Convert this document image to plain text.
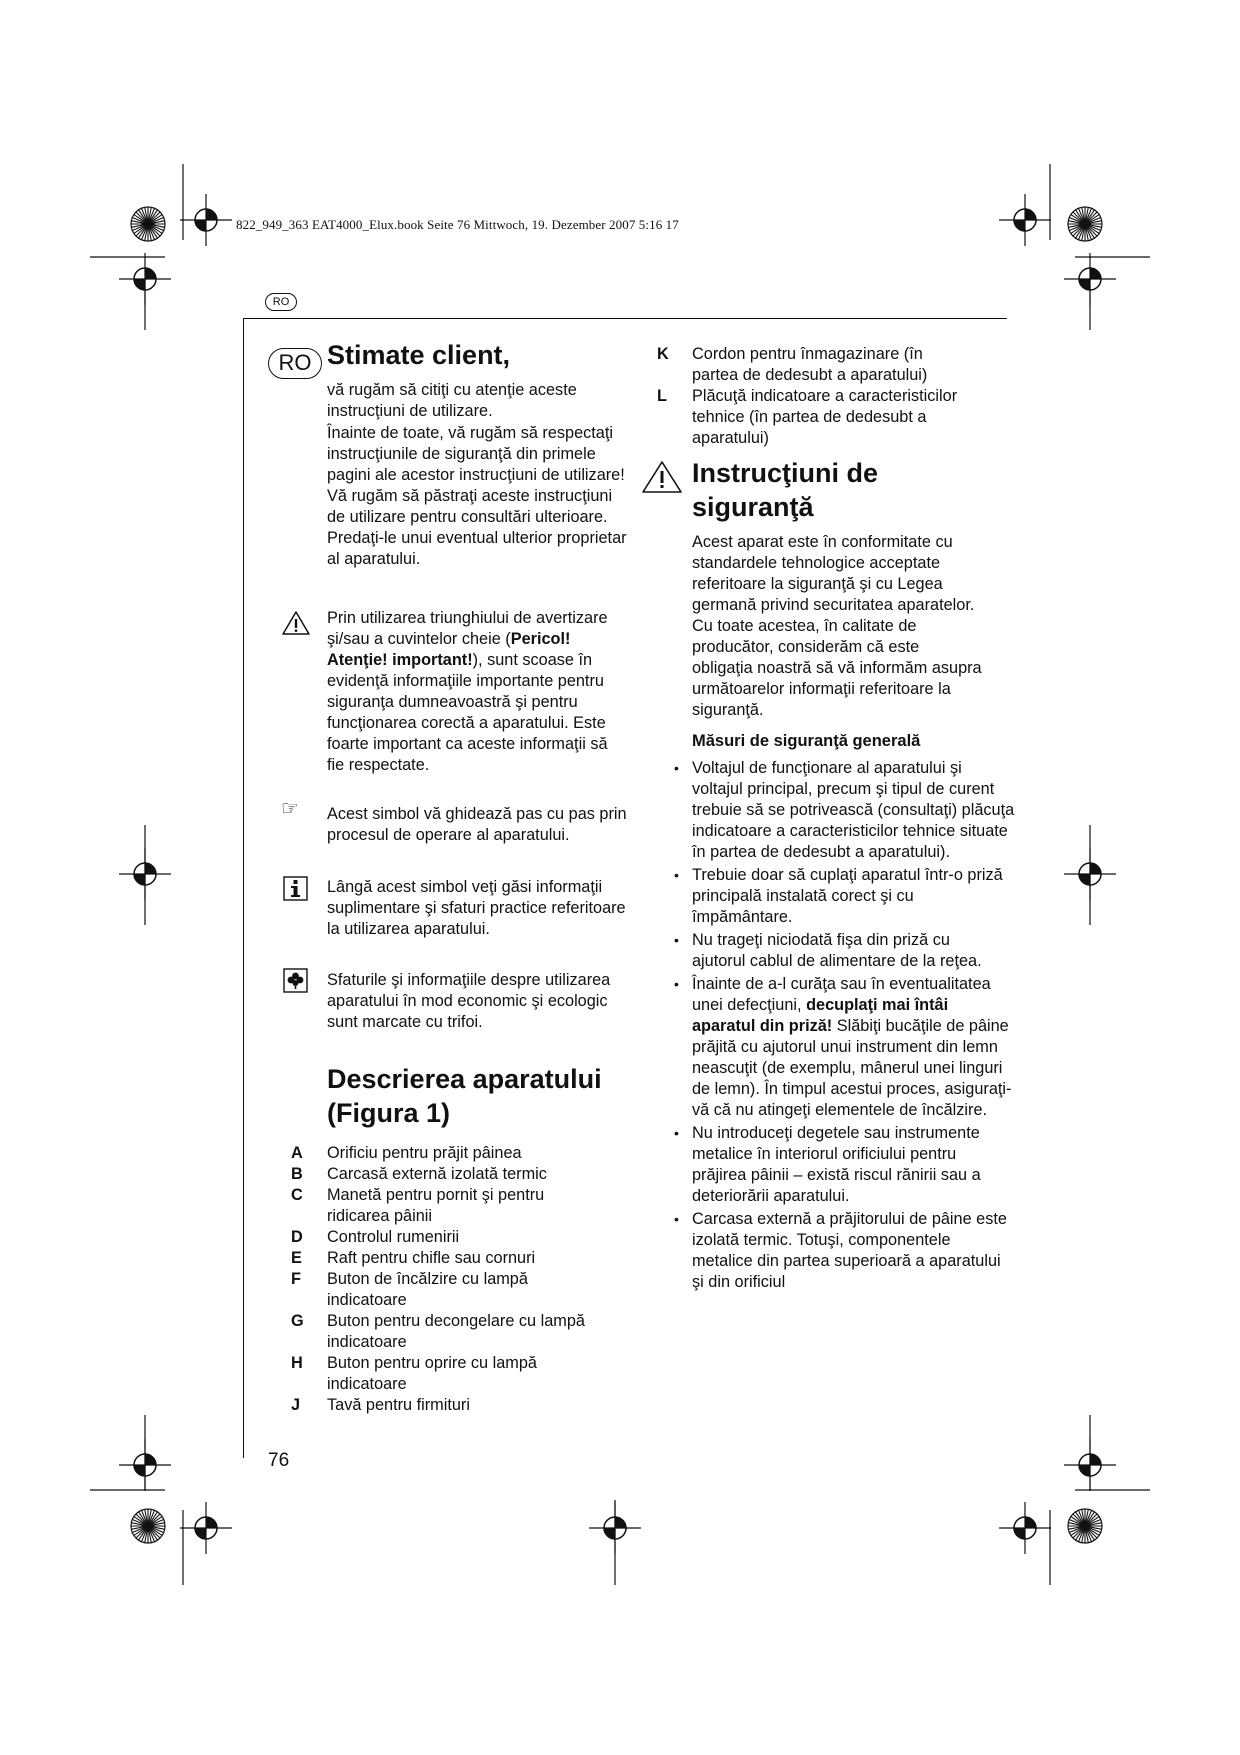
822_949_363 EAT4000_Elux.book Seite 76 Mittwoch, 19. Dezember 2007 5:16 17
RO
RO Stimate client,
vă rugăm să citiţi cu atenţie aceste instrucţiuni de utilizare.
Înainte de toate, vă rugăm să respectaţi instrucţiunile de siguranţă din primele pagini ale acestor instrucţiuni de utilizare! Vă rugăm să păstraţi aceste instrucţiuni de utilizare pentru consultări ulterioare. Predaţi-le unui eventual ulterior proprietar al aparatului.
Prin utilizarea triunghiului de avertizare şi/sau a cuvintelor cheie (Pericol! Atenţie! important!), sunt scoase în evidenţă informaţiile importante pentru siguranţa dumneavoastră şi pentru funcţionarea corectă a aparatului. Este foarte important ca aceste informaţii să fie respectate.
☞ Acest simbol vă ghidează pas cu pas prin procesul de operare al aparatului.
Lângă acest simbol veţi găsi informaţii suplimentare şi sfaturi practice referitoare la utilizarea aparatului.
Sfaturile şi informaţiile despre utilizarea aparatului în mod economic şi ecologic sunt marcate cu trifoi.
Descrierea aparatului
(Figura 1)
A	Orificiu pentru prăjit pâinea
B	Carcasă externă izolată termic
C	Manetă pentru pornit şi pentru ridicarea pâinii
D	Controlul rumenirii
E	Raft pentru chifle sau cornuri
F	Buton de încălzire cu lampă indicatoare
G	Buton pentru decongelare cu lampă indicatoare
H	Buton pentru oprire cu lampă indicatoare
J	Tavă pentru firmituri
K	Cordon pentru înmagazinare (în partea de dedesubt a aparatului)
L	Plăcuţă indicatoare a caracteristicilor tehnice (în partea de dedesubt a aparatului)
Instrucţiuni de
siguranţă
Acest aparat este în conformitate cu standardele tehnologice acceptate referitoare la siguranţă şi cu Legea germană privind securitatea aparatelor. Cu toate acestea, în calitate de producător, considerăm că este obligaţia noastră să vă informăm asupra următoarelor informaţii referitoare la siguranţă.
Măsuri de siguranţă generală
• Voltajul de funcţionare al aparatului şi voltajul principal, precum şi tipul de curent trebuie să se potrivească (consultaţi) plăcuţa indicatoare a caracteristicilor tehnice situate în partea de dedesubt a aparatului).
• Trebuie doar să cuplaţi aparatul într-o priză principală instalată corect şi cu împământare.
• Nu trageţi niciodată fişa din priză cu ajutorul cablul de alimentare de la reţea.
• Înainte de a-l curăţa sau în eventualitatea unei defecţiuni, decuplaţi mai întâi aparatul din priză! Slăbiţi bucăţile de pâine prăjită cu ajutorul unui instrument din lemn neascuţit (de exemplu, mânerul unei linguri de lemn). În timpul acestui proces, asiguraţi-vă că nu atingeţi elementele de încălzire.
• Nu introduceţi degetele sau instrumente metalice în interiorul orificiului pentru prăjirea pâinii – există riscul rănirii sau a deteriorării aparatului.
• Carcasa externă a prăjitorului de pâine este izolată termic. Totuşi, componentele metalice din partea superioară a aparatului şi din orificiul
76
